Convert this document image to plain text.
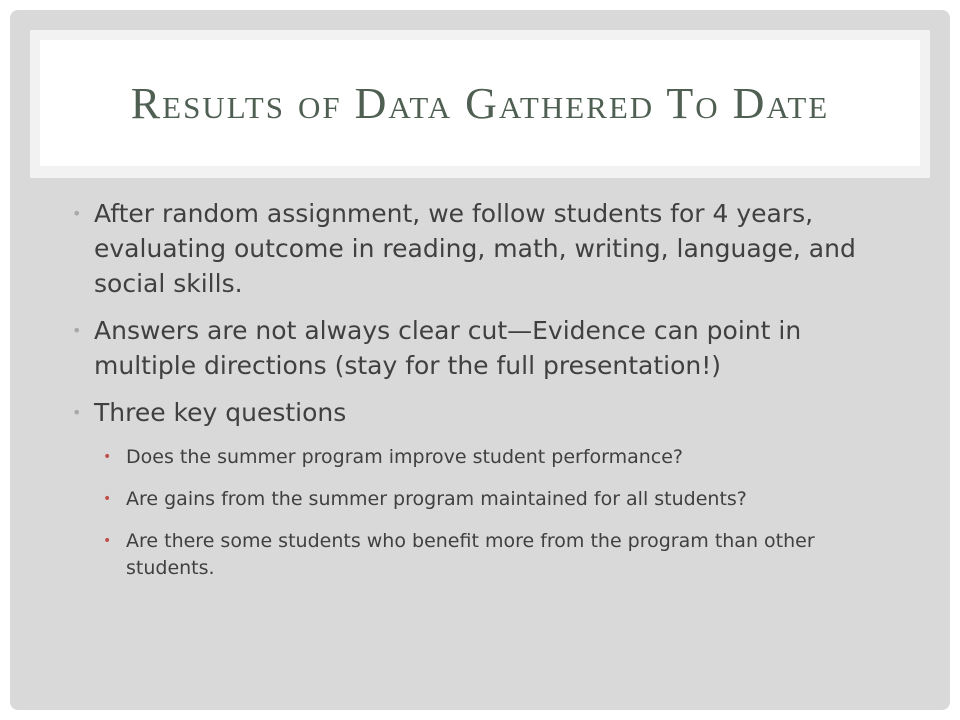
Results of Data Gathered To Date
• After random assignment, we follow students for 4 years, evaluating outcome in reading, math, writing, language, and social skills.
• Answers are not always clear cut—Evidence can point in multiple directions (stay for the full presentation!)
• Three key questions
• Does the summer program improve student performance?
• Are gains from the summer program maintained for all students?
• Are there some students who benefit more from the program than other students.
